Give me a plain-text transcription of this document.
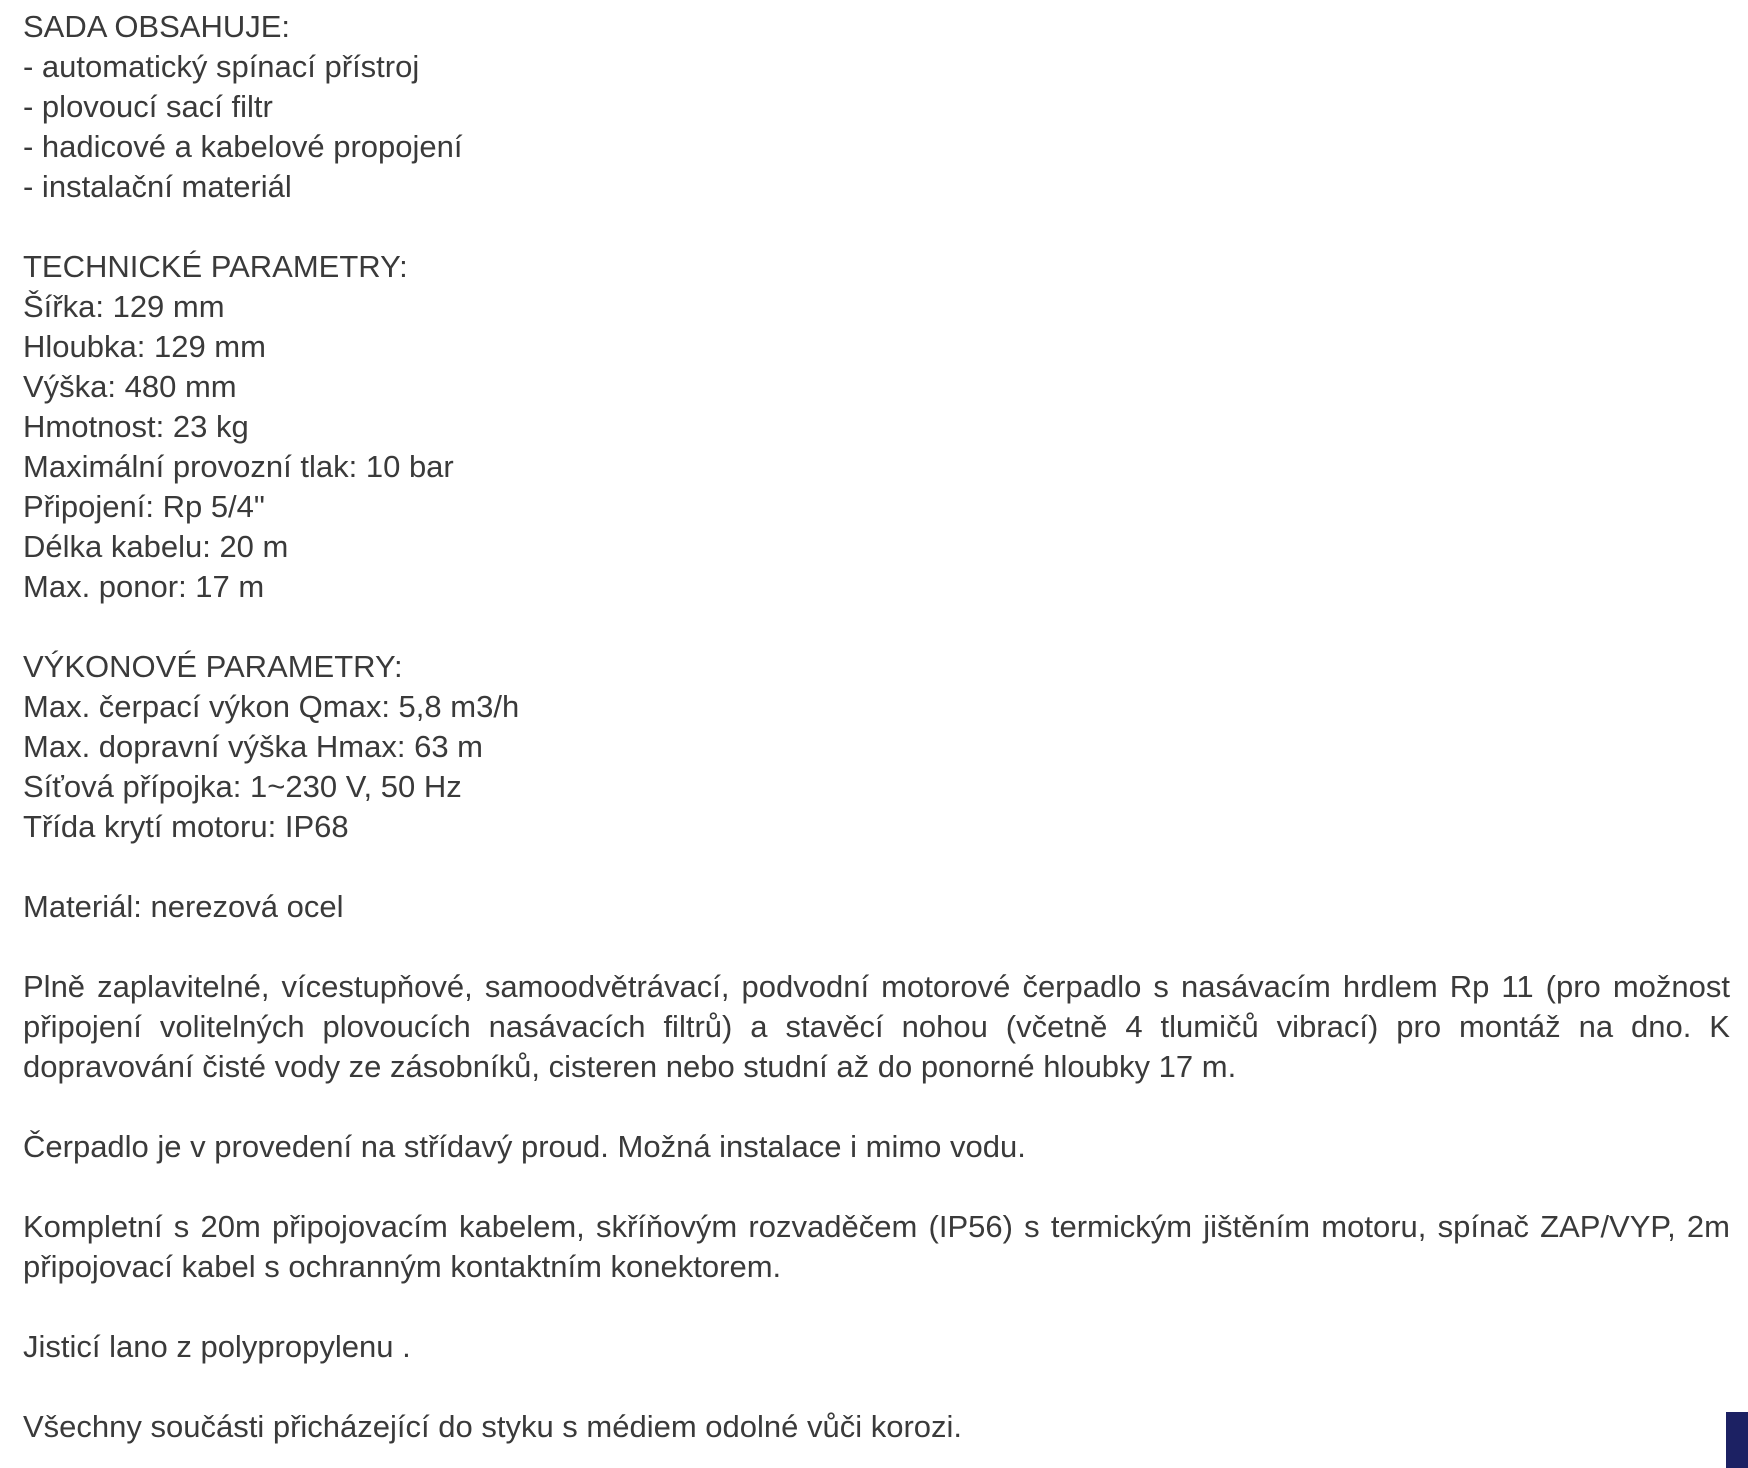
SADA OBSAHUJE:
- automatický spínací přístroj
- plovoucí sací filtr
- hadicové a kabelové propojení
- instalační materiál
TECHNICKÉ PARAMETRY:
Šířka: 129 mm
Hloubka: 129 mm
Výška: 480 mm
Hmotnost: 23 kg
Maximální provozní tlak: 10 bar
Připojení: Rp 5/4"
Délka kabelu: 20 m
Max. ponor: 17 m
VÝKONOVÉ PARAMETRY:
Max. čerpací výkon Qmax: 5,8 m3/h
Max. dopravní výška Hmax: 63 m
Síťová přípojka: 1~230 V, 50 Hz
Třída krytí motoru: IP68
Materiál: nerezová ocel
Plně zaplavitelné, vícestupňové, samoodvětrávací, podvodní motorové čerpadlo s nasávacím hrdlem Rp 11 (pro možnost připojení volitelných plovoucích nasávacích filtrů) a stavěcí nohou (včetně 4 tlumičů vibrací) pro montáž na dno. K dopravování čisté vody ze zásobníků, cisteren nebo studní až do ponorné hloubky 17 m.
Čerpadlo je v provedení na střídavý proud. Možná instalace i mimo vodu.
Kompletní s 20m připojovacím kabelem, skříňovým rozvaděčem (IP56) s termickým jištěním motoru, spínač ZAP/VYP, 2m připojovací kabel s ochranným kontaktním konektorem.
Jisticí lano z polypropylenu .
Všechny součásti přicházející do styku s médiem odolné vůči korozi.
